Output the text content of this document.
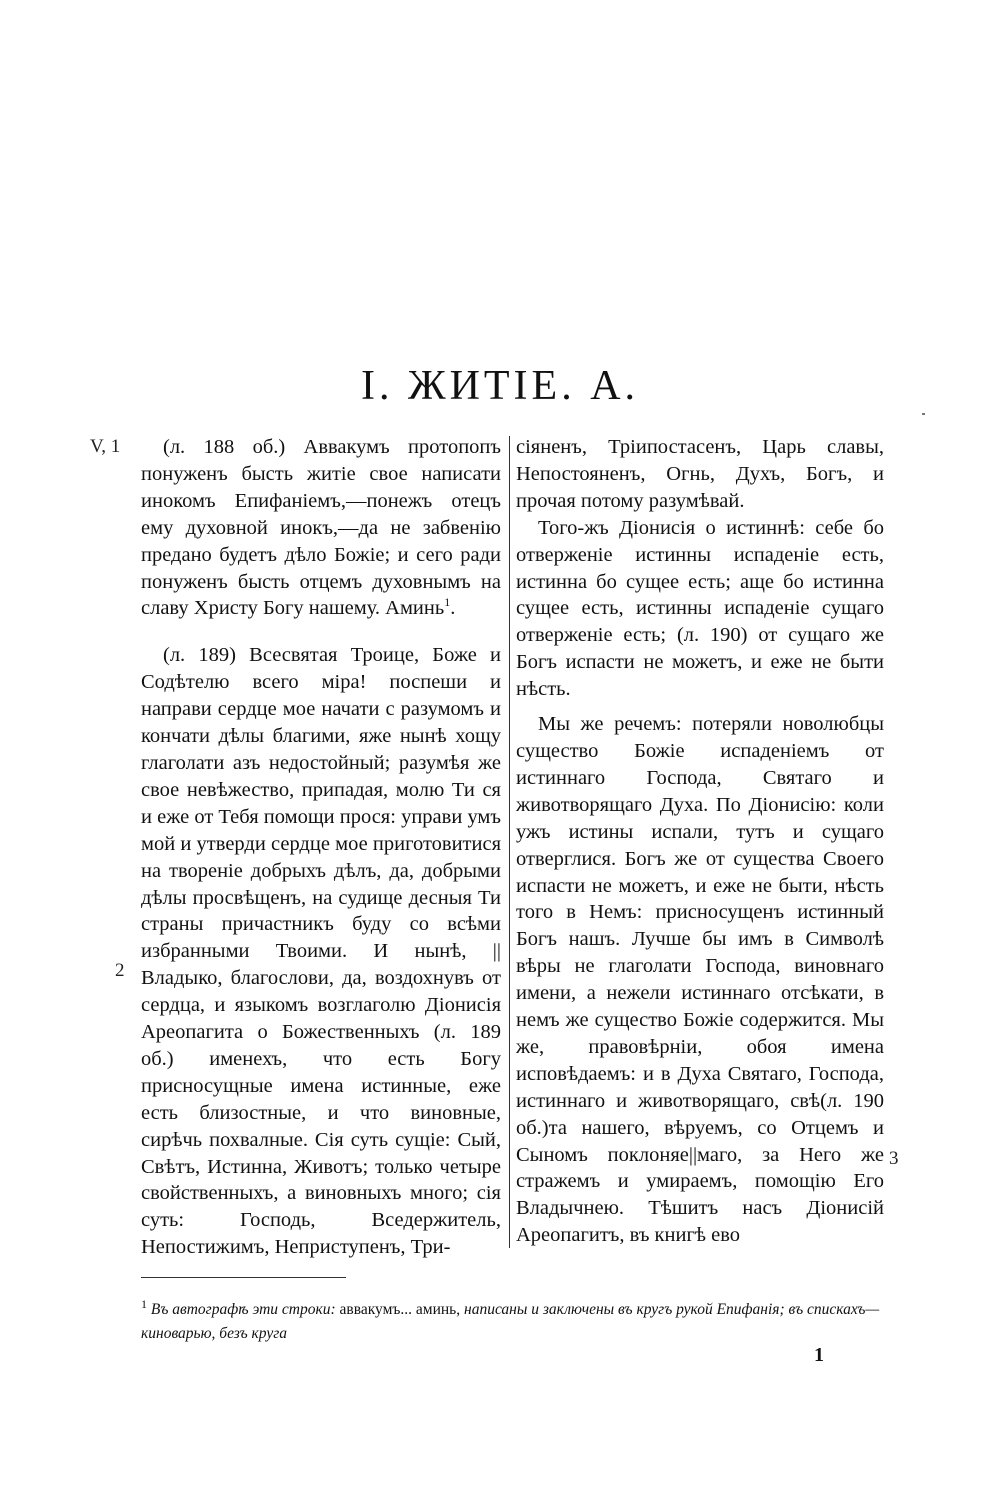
I. ЖИТIЕ. А.
V, 1
2
3

(л. 188 об.) Аввакумъ протопопъ понуженъ бысть житiе свое написати инокомъ Епифанiемъ,—понежъ отецъ ему духовной инокъ,—да не забвенiю предано будетъ дѣло Божiе; и сего ради понуженъ бысть отцемъ духовнымъ на славу Христу Богу нашему. Аминь$^1$.

(л. 189) Всесвятая Троице, Боже и Содѣтелю всего мiра! поспеши и направи сердце мое начати с разумомъ и кончати дѣлы благими, яже нынѣ хощу глаголати азъ недостойный; разумѣя же свое невѣжество, припадая, молю Ти ся и еже от Тебя помощи прося: управи умъ мой и утверди сердце мое приготовитися на творенiе добрыхъ дѣлъ, да, добрыми дѣлы просвѣщенъ, на судищe десныя Ти страны причастникъ буду со всѣми избранными Твоими. И нынѣ, || Владыко, благослови, да, воздохнувъ от сердца, и языкомъ возглаголю Дiонисiя Ареопагита о Божественныхъ (л. 189 об.) именехъ, что есть Богу присносущные имена истинные, еже есть близостные, и что виновные, сирѣчь похвалные. Сiя суть сущiе: Сый, Свѣтъ, Истинна, Животъ; только четыре свойственныхъ, а виновныхъ много; сiя суть: Господь, Вседержитель, Непостижимъ, Неприступенъ, Три-

сiяненъ, Трiипостасенъ, Царь славы, Непостояненъ, Огнь, Духъ, Богъ, и прочая потому разумѣвай.

Того-жъ Дiонисiя о истиннѣ: себе бо отверженiе истинны испаденiе есть, истинна бо сущее есть; аще бо истинна сущее есть, истинны испаденiе сущаго отверженiе есть; (л. 190) от сущаго же Богъ испасти не можетъ, и еже не быти нѣсть.

Мы же речемъ: потеряли новолюбцы существо Божiе испаденiемъ от истиннаго Господа, Святаго и животворящаго Духа. По Дiонисiю: коли ужъ истины испали, тутъ и сущаго отверглися. Богъ же от существа Своего испасти не можетъ, и еже не быти, нѣсть того в Немъ: присносущенъ истинный Богъ нашъ. Лучше бы имъ в Символѣ вѣры не глаголати Господа, виновнаго имени, а нежели истиннаго отсѣкати, в немъ же существо Божiе содержится. Мы же, правовѣрнiи, обоя имена исповѣдаемъ: и в Духа Святаго, Господа, истиннаго и животворящаго, свѣ(л. 190 об.)та нашего, вѣруемъ, со Отцемъ и Сыномъ поклоняе||маго, за Него же стражемъ и умираемъ, помощiю Его Владычнею. Тѣшитъ насъ Дiонисiй Ареопагитъ, въ книгѣ ево

$^1$ Въ автографѣ эти строки: аввакумъ... аминь, написаны и заключены въ кругъ рукой Епифанiя; въ спискахъ—киноварью, безъ круга
1
